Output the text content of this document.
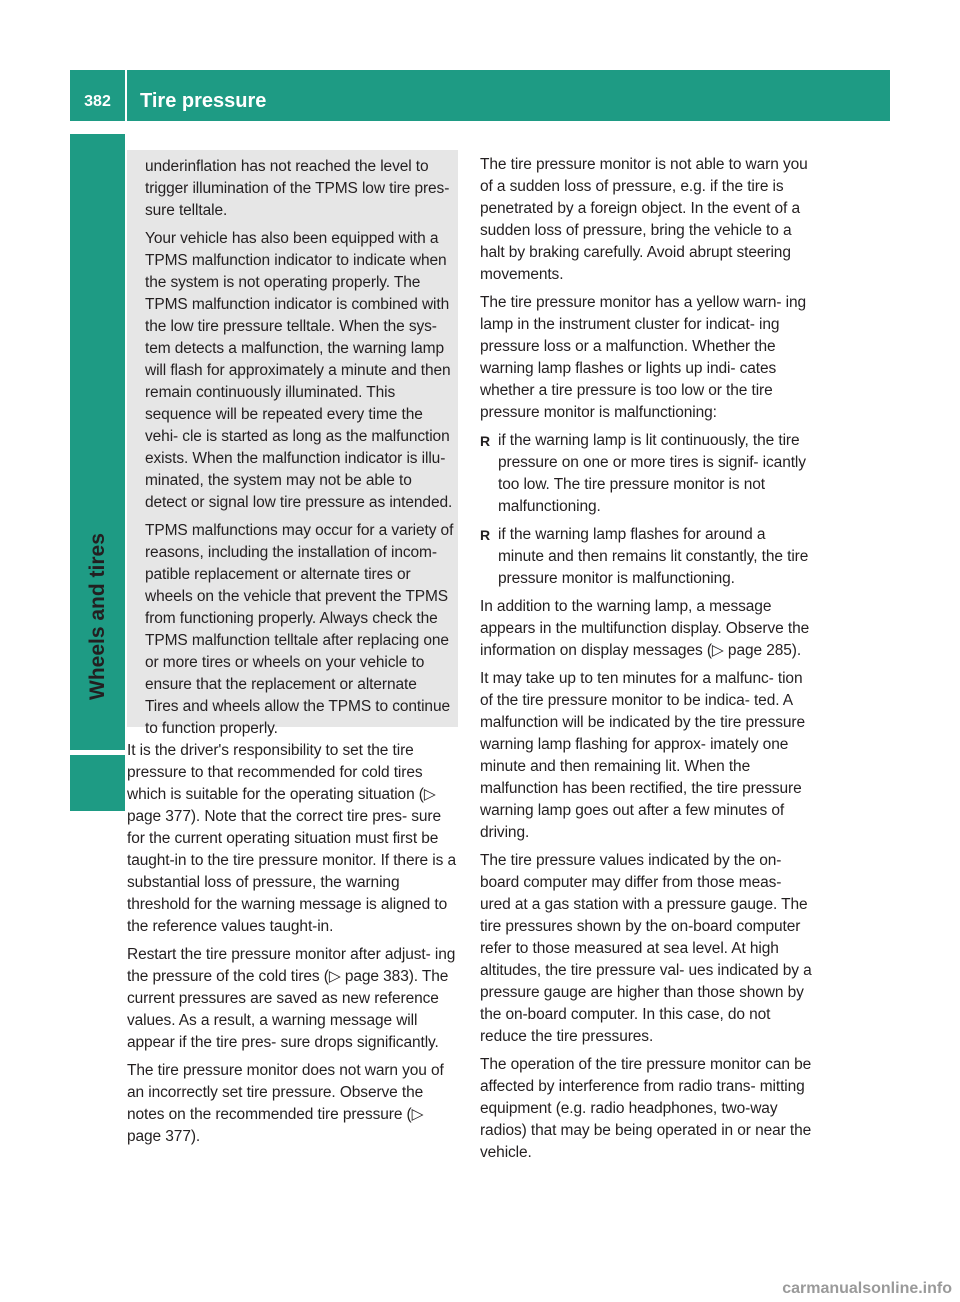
382	Tire pressure
Wheels and tires

underinflation has not reached the level to trigger illumination of the TPMS low tire pres- sure telltale.

Your vehicle has also been equipped with a TPMS malfunction indicator to indicate when the system is not operating properly. The TPMS malfunction indicator is combined with the low tire pressure telltale. When the sys- tem detects a malfunction, the warning lamp will flash for approximately a minute and then remain continuously illuminated. This sequence will be repeated every time the vehi- cle is started as long as the malfunction exists. When the malfunction indicator is illu- minated, the system may not be able to detect or signal low tire pressure as intended.

TPMS malfunctions may occur for a variety of reasons, including the installation of incom- patible replacement or alternate tires or wheels on the vehicle that prevent the TPMS from functioning properly. Always check the TPMS malfunction telltale after replacing one or more tires or wheels on your vehicle to ensure that the replacement or alternate Tires and wheels allow the TPMS to continue to function properly.

It is the driver's responsibility to set the tire pressure to that recommended for cold tires which is suitable for the operating situation (▷ page 377). Note that the correct tire pres- sure for the current operating situation must first be taught-in to the tire pressure monitor. If there is a substantial loss of pressure, the warning threshold for the warning message is aligned to the reference values taught-in.

Restart the tire pressure monitor after adjust- ing the pressure of the cold tires (▷ page 383). The current pressures are saved as new reference values. As a result, a warning message will appear if the tire pres- sure drops significantly.

The tire pressure monitor does not warn you of an incorrectly set tire pressure. Observe the notes on the recommended tire pressure (▷ page 377).

The tire pressure monitor is not able to warn you of a sudden loss of pressure, e.g. if the tire is penetrated by a foreign object. In the event of a sudden loss of pressure, bring the vehicle to a halt by braking carefully. Avoid abrupt steering movements.

The tire pressure monitor has a yellow warn- ing lamp in the instrument cluster for indicat- ing pressure loss or a malfunction. Whether the warning lamp flashes or lights up indi- cates whether a tire pressure is too low or the tire pressure monitor is malfunctioning:

R if the warning lamp is lit continuously, the tire pressure on one or more tires is signif- icantly too low. The tire pressure monitor is not malfunctioning.
R if the warning lamp flashes for around a minute and then remains lit constantly, the tire pressure monitor is malfunctioning.

In addition to the warning lamp, a message appears in the multifunction display. Observe the information on display messages (▷ page 285).

It may take up to ten minutes for a malfunc- tion of the tire pressure monitor to be indica- ted. A malfunction will be indicated by the tire pressure warning lamp flashing for approx- imately one minute and then remaining lit. When the malfunction has been rectified, the tire pressure warning lamp goes out after a few minutes of driving.

The tire pressure values indicated by the on- board computer may differ from those meas- ured at a gas station with a pressure gauge. The tire pressures shown by the on-board computer refer to those measured at sea level. At high altitudes, the tire pressure val- ues indicated by a pressure gauge are higher than those shown by the on-board computer. In this case, do not reduce the tire pressures.

The operation of the tire pressure monitor can be affected by interference from radio trans- mitting equipment (e.g. radio headphones, two-way radios) that may be being operated in or near the vehicle.

carmanualsonline.info
